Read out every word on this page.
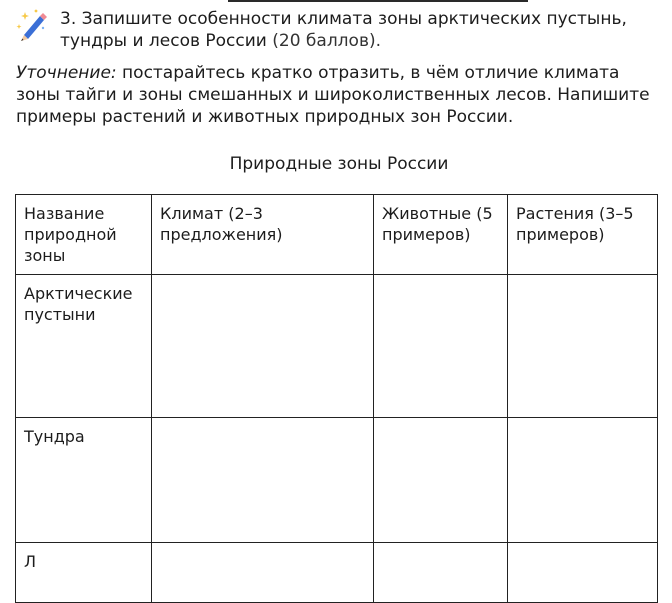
3. Запишите особенности климата зоны арктических пустынь, тундры и лесов России (20 баллов).
Уточнение: постарайтесь кратко отразить, в чём отличие климата зоны тайги и зоны смешанных и широколиственных лесов. Напишите примеры растений и животных природных зон России.
Природные зоны России
Название природной зоны	Климат (2–3 предложения)	Животные (5 примеров)	Растения (3–5 примеров)
Арктические пустыни			
Тундра			
Л			
